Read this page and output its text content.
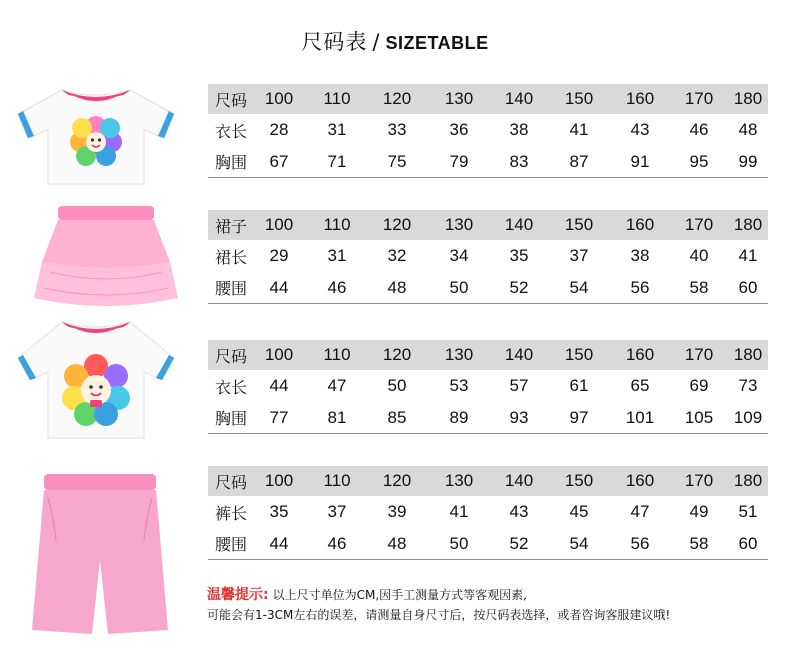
尺码表 / SIZETABLE
尺码	100	110	120 130 140 150 160 170 180
衣长	28	31	33	36	38	41	43	46	48
胸围	67	71	75	79	83	87	91	95	99
裙子	100	110	120 130 140 150 160 170 180
裙长	29	31	32	34	35	37	38	40	41
腰围	44	46	48	50	52	54	56	58	60
尺码	100	110	120 130 140 150 160 170 180
衣长	44	47	50	53	57	61	65	69	73
胸围	77	81	85	89	93	97	101 105 109
尺码	100	110	120 130 140 150 160 170 180
裤长	35	37	39	41	43	45	47	49	51
腰围	44	46	48	50	52	54	56	58	60
温馨提示: 以上尺寸单位为CM,因手工测量方式等客观因素,
可能会有1-3CM左右的误差，请测量自身尺寸后，按尺码表选择，或者咨询客服建议哦!
